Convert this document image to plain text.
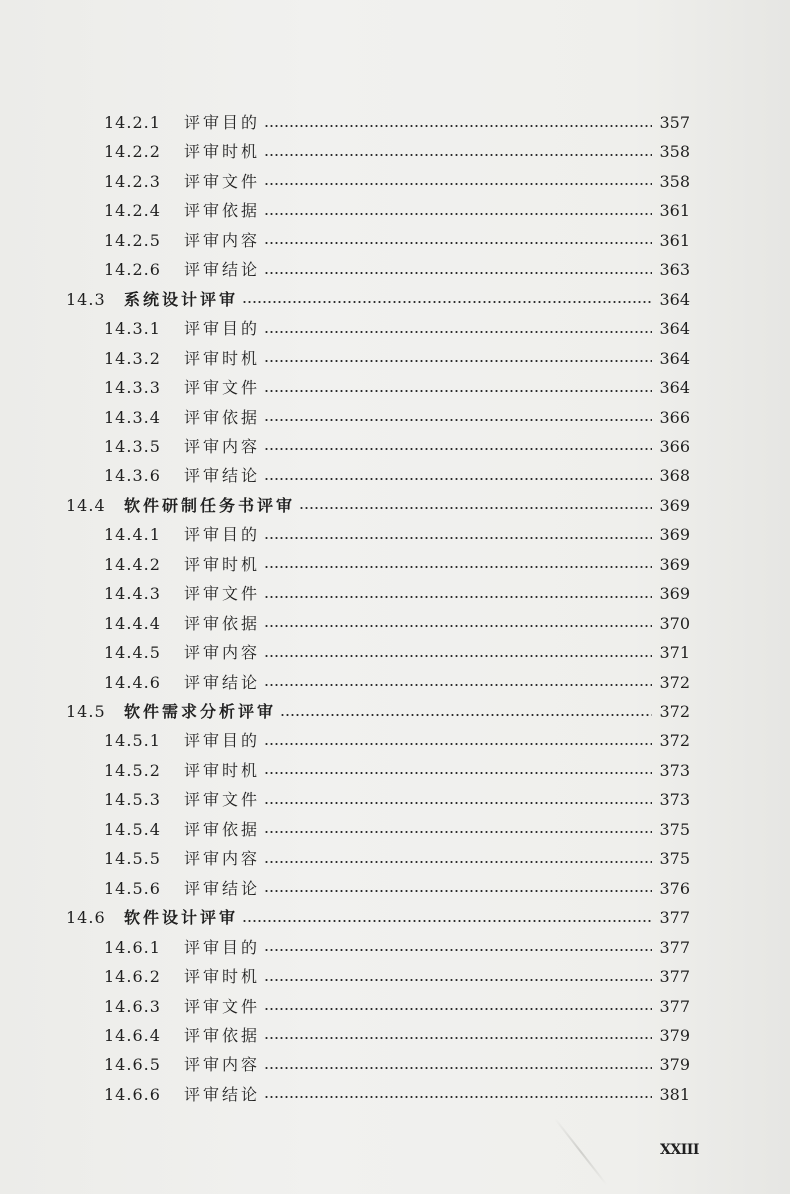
14.2.1	评审目的	357
14.2.2	评审时机	358
14.2.3	评审文件	358
14.2.4	评审依据	361
14.2.5	评审内容	361
14.2.6	评审结论	363
14.3	系统设计评审	364
14.3.1	评审目的	364
14.3.2	评审时机	364
14.3.3	评审文件	364
14.3.4	评审依据	366
14.3.5	评审内容	366
14.3.6	评审结论	368
14.4	软件研制任务书评审	369
14.4.1	评审目的	369
14.4.2	评审时机	369
14.4.3	评审文件	369
14.4.4	评审依据	370
14.4.5	评审内容	371
14.4.6	评审结论	372
14.5	软件需求分析评审	372
14.5.1	评审目的	372
14.5.2	评审时机	373
14.5.3	评审文件	373
14.5.4	评审依据	375
14.5.5	评审内容	375
14.5.6	评审结论	376
14.6	软件设计评审	377
14.6.1	评审目的	377
14.6.2	评审时机	377
14.6.3	评审文件	377
14.6.4	评审依据	379
14.6.5	评审内容	379
14.6.6	评审结论	381
XXIII
